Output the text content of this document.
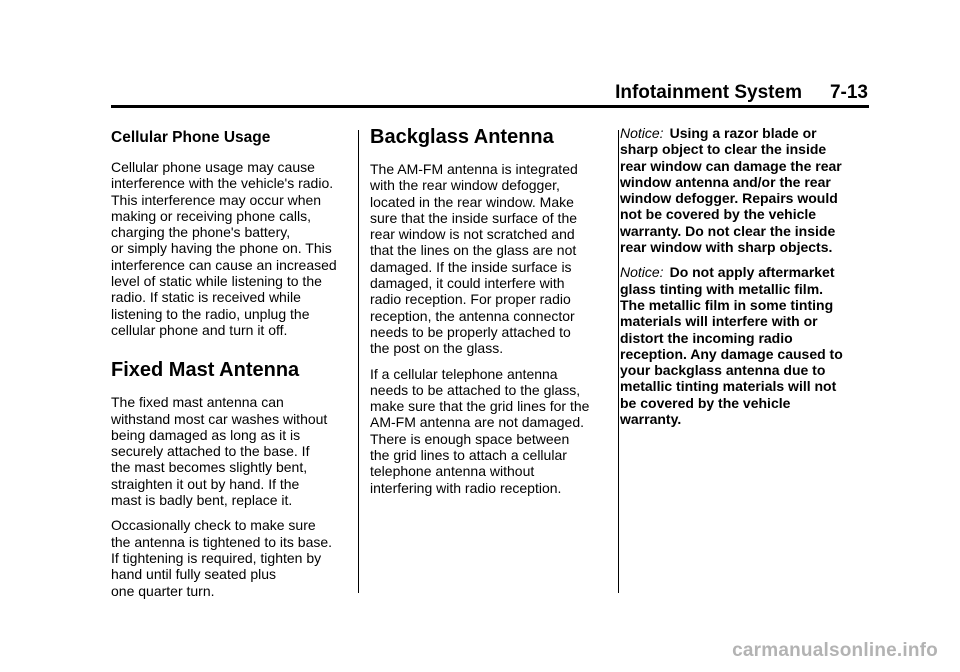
Infotainment System 7-13
Cellular Phone Usage

Cellular phone usage may cause
interference with the vehicle's radio.
This interference may occur when
making or receiving phone calls,
charging the phone's battery,
or simply having the phone on. This
interference can cause an increased
level of static while listening to the
radio. If static is received while
listening to the radio, unplug the
cellular phone and turn it off.

Fixed Mast Antenna

The fixed mast antenna can
withstand most car washes without
being damaged as long as it is
securely attached to the base. If
the mast becomes slightly bent,
straighten it out by hand. If the
mast is badly bent, replace it.

Occasionally check to make sure
the antenna is tightened to its base.
If tightening is required, tighten by
hand until fully seated plus
one quarter turn.

Backglass Antenna

The AM-FM antenna is integrated
with the rear window defogger,
located in the rear window. Make
sure that the inside surface of the
rear window is not scratched and
that the lines on the glass are not
damaged. If the inside surface is
damaged, it could interfere with
radio reception. For proper radio
reception, the antenna connector
needs to be properly attached to
the post on the glass.

If a cellular telephone antenna
needs to be attached to the glass,
make sure that the grid lines for the
AM-FM antenna are not damaged.
There is enough space between
the grid lines to attach a cellular
telephone antenna without
interfering with radio reception.

Notice: Using a razor blade or
sharp object to clear the inside
rear window can damage the rear
window antenna and/or the rear
window defogger. Repairs would
not be covered by the vehicle
warranty. Do not clear the inside
rear window with sharp objects.

Notice: Do not apply aftermarket
glass tinting with metallic film.
The metallic film in some tinting
materials will interfere with or
distort the incoming radio
reception. Any damage caused to
your backglass antenna due to
metallic tinting materials will not
be covered by the vehicle
warranty.

carmanualsonline.info
